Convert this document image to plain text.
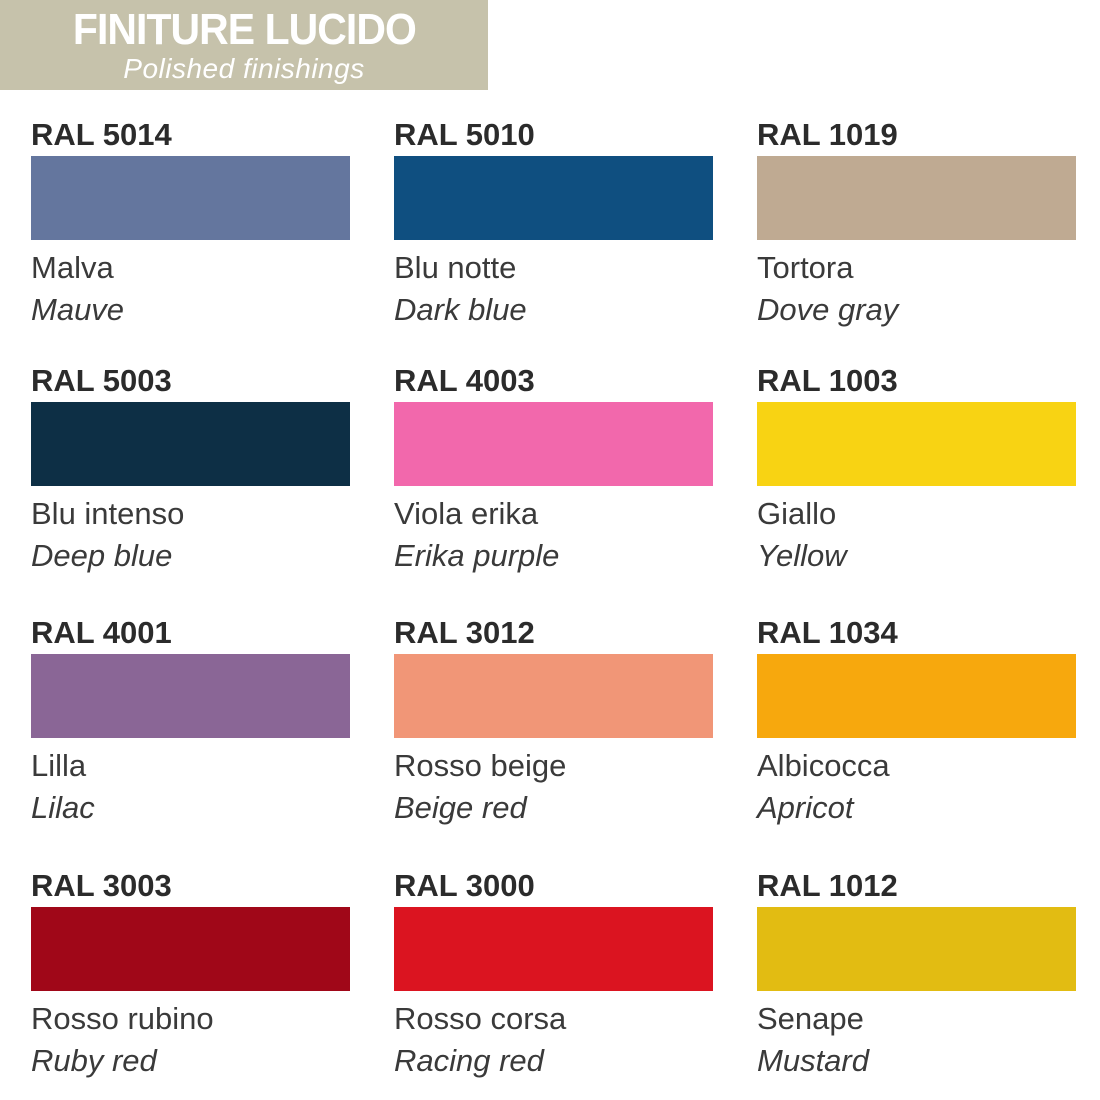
FINITURE LUCIDO
Polished finishings
RAL 5014
Malva
Mauve
RAL 5010
Blu notte
Dark blue
RAL 1019
Tortora
Dove gray
RAL 5003
Blu intenso
Deep blue
RAL 4003
Viola erika
Erika purple
RAL 1003
Giallo
Yellow
RAL 4001
Lilla
Lilac
RAL 3012
Rosso beige
Beige red
RAL 1034
Albicocca
Apricot
RAL 3003
Rosso rubino
Ruby red
RAL 3000
Rosso corsa
Racing red
RAL 1012
Senape
Mustard
